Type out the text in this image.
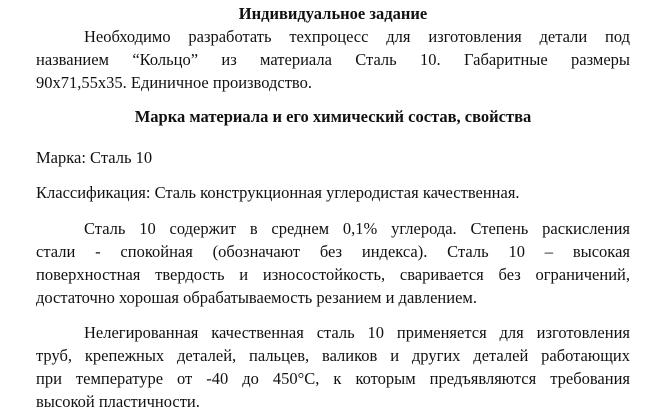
Индивидуальное задание
Необходимо разработать техпроцесс для изготовления детали под
названием “Кольцо” из материала Сталь 10. Габаритные размеры
90x71,55x35. Единичное производство.
Марка материала и его химический состав, свойства
Марка: Сталь 10
Классификация: Сталь конструкционная углеродистая качественная.
Сталь 10 содержит в среднем 0,1% углерода. Степень раскисления
стали - спокойная (обозначают без индекса). Сталь 10 – высокая
поверхностная твердость и износостойкость, сваривается без ограничений,
достаточно хорошая обрабатываемость резанием и давлением.
Нелегированная качественная сталь 10 применяется для изготовления
труб, крепежных деталей, пальцев, валиков и других деталей работающих
при температуре от -40 до 450°С, к которым предъявляются требования
высокой пластичности.
